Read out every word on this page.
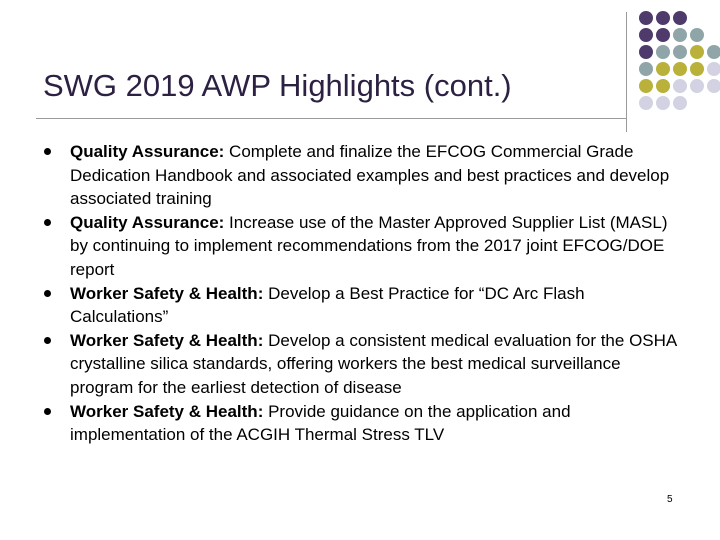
SWG 2019 AWP Highlights (cont.)
Quality Assurance: Complete and finalize the EFCOG Commercial Grade Dedication Handbook and associated examples and best practices and develop associated training
Quality Assurance: Increase use of the Master Approved Supplier List (MASL) by continuing to implement recommendations from the 2017 joint EFCOG/DOE report
Worker Safety & Health: Develop a Best Practice for “DC Arc Flash Calculations”
Worker Safety & Health: Develop a consistent medical evaluation for the OSHA crystalline silica standards, offering workers the best medical surveillance program for the earliest detection of disease
Worker Safety & Health: Provide guidance on the application and implementation of the ACGIH Thermal Stress TLV
5
